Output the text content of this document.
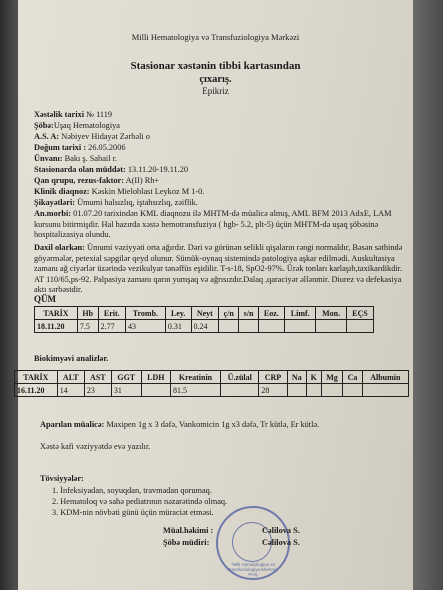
Milli Hematologiya və Transfuziologiya Mərkəzi
Stasionar xəstənin tibbi kartasından
çıxarış.
Epikriz
Xəstəlik tarixi № 1119
Şöbə:Uşaq Hematologiya
A.S. A: Nəbiyev Hidayət Zərbəli o
Doğum tarixi : 26.05.2006
Ünvanı: Bakı ş. Sabail r.
Stasionarda olan müddət: 13.11.20-19.11.20
Qan qrupu, rezus-faktor: A(II) Rh+
Klinik diaqnoz: Kəskin Mieloblast Leykoz M 1-0.
Şikayətləri: Ümumi halsızlıq, iştahsızlıq, zəiflik.
An.morbi: 01.07.20 tarixindən KML diaqnozu ilə MHTM-də müalicə almış, AML BFM 2013 AdxE, LAM kursunu bitirmişdir. Hal hazırda xəstə hemotransfuziya ( hgb- 5.2, plt-5) üçün MHTM-də uşaq şöbəsinə hospitalizasiya olundu.
Daxil olarkən: Ümumi vəziyyəti orta ağırdır. Dəri və görünən selikli qişaların rəngi normaldır, Bəsən səthində göyərmələr, petexial səpgilər qeyd olunur. Sümük-oynaq sistemində patologiya aşkar edilmədi. Auskultasiya zamanı ağ ciyərlər üzərində vezikulyar tənəffüs eşidilir. T-s-18, SpO2-97%. Ürək tonları karlaşıb,taxikardikdir. AT 110/65,ps-92. Palpasiya zamanı qarın yumşaq və ağrısızdır.Dalaq ,qaraciyər əllənmir. Diurez və defekasiya aktı sərbəstdir.
QÜM
TARİX	Hb	Erit.	Tromb.	Ley.	Neyt	ç/n	s/n	Eoz.	Limf.	Mon.	EÇS
18.11.20	7.5	2.77	43	0.31	0.24						
Biokimyəvi analizlər.
TARİX	ALT	AST	GGT	LDH	Kreatinin	Ü.zülal	CRP	Na	K	Mg	Ca	Albumin
16.11.20	14	23	31		81.5		28					
Aparılan müalicə: Maxipen 1g x 3 dəfə, Vankomicin 1g x3 dəfə, Tr kütlə, Er kütlə.
Xəstə kafi vəziyyətdə evə yazılır.
Tövsiyyələr:
1. İnfeksiyadan, soyuqdan, travmadan qorumaq.
2. Hematoloq və sahə pediatrının nəzarətində olmaq.
3. KDM-nin növbəti günü üçün müraciət etməsi.
"Milli Hematologiya və Transfuziologiya Mərkəzi" PHŞ
Müal.həkimi :	Cəlilova S.
Şöbə müdiri:	Cəlilova S.
